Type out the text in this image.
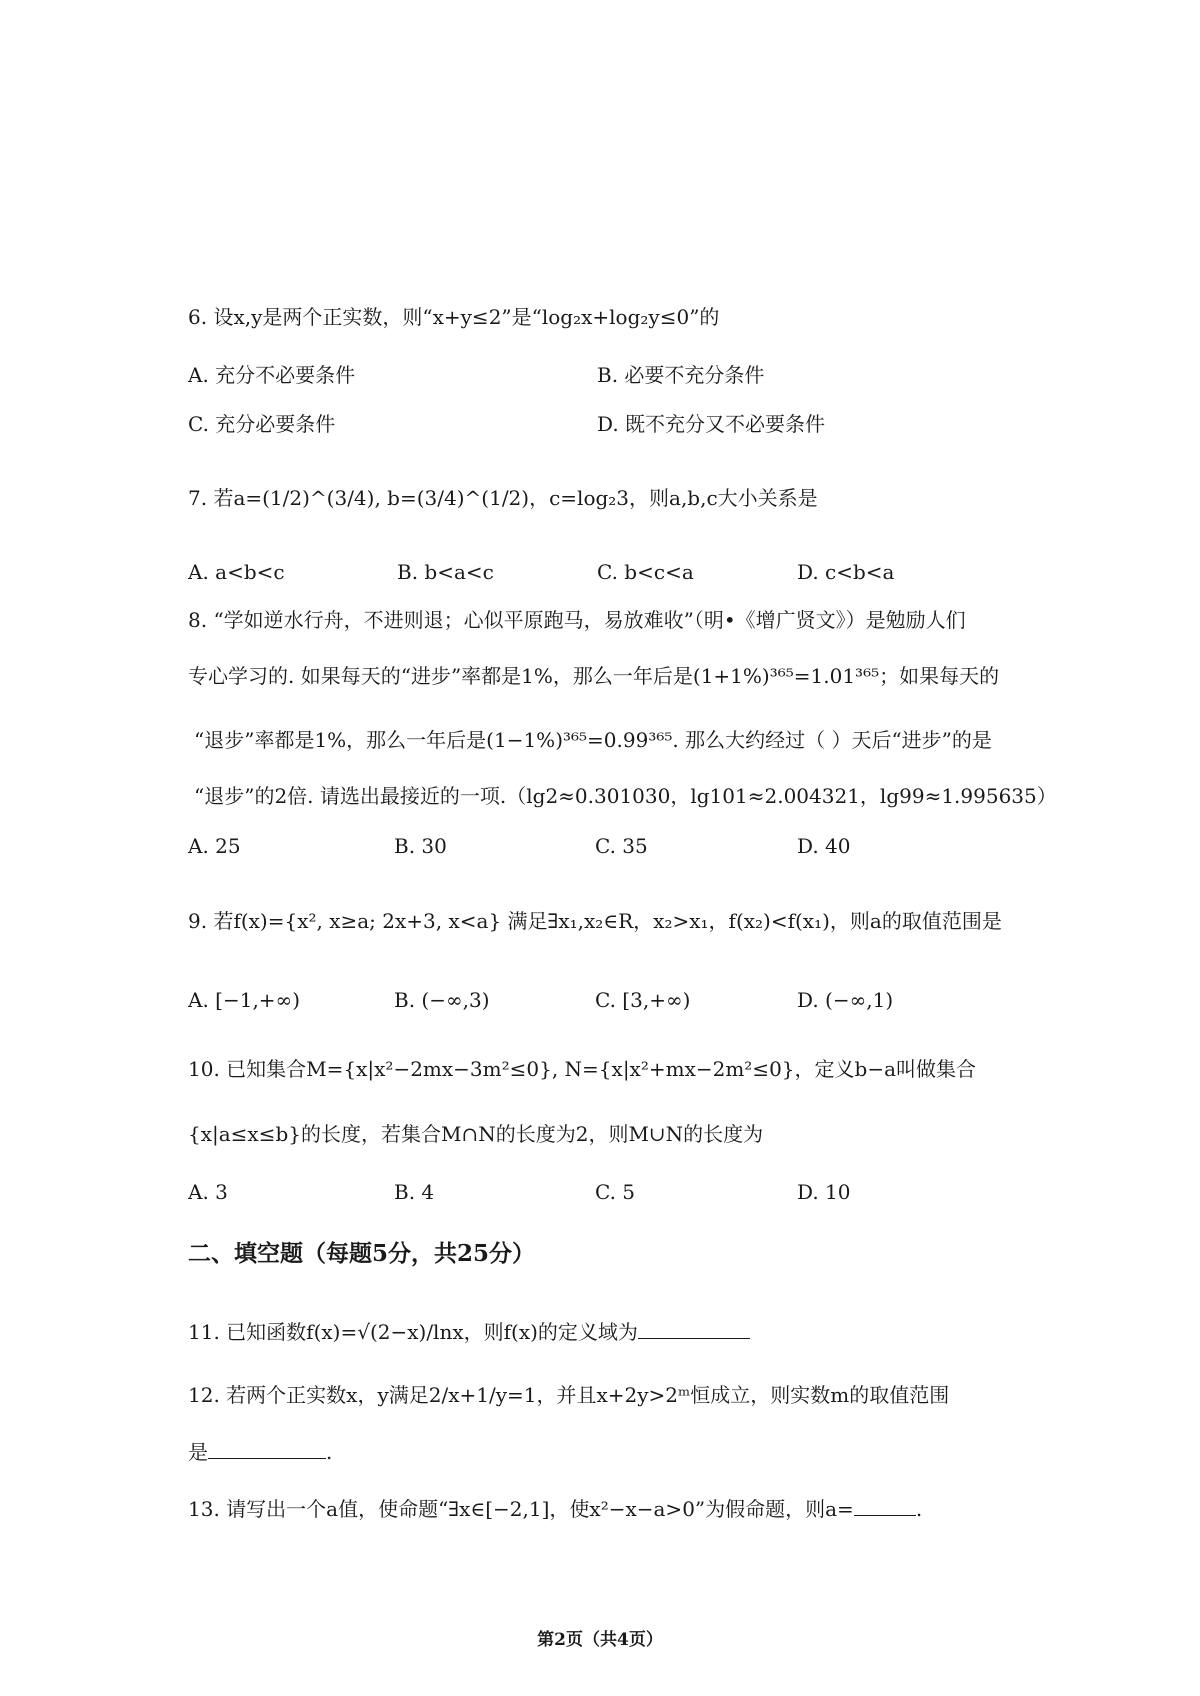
6. 设x,y是两个正实数，则“x+y≤2”是“log₂x+log₂y≤0”的
A. 充分不必要条件	B. 必要不充分条件
C. 充分必要条件	D. 既不充分又不必要条件
7. 若a=(1/2)^(3/4), b=(3/4)^(1/2)，c=log₂3，则a,b,c大小关系是
A. a<b<c	B. b<a<c	C. b<c<a	D. c<b<a
8. “学如逆水行舟，不进则退；心似平原跑马，易放难收”（明•《增广贤文》）是勉励人们
专心学习的. 如果每天的“进步”率都是1%，那么一年后是(1+1%)³⁶⁵=1.01³⁶⁵；如果每天的
“退步”率都是1%，那么一年后是(1−1%)³⁶⁵=0.99³⁶⁵. 那么大约经过（ ）天后“进步”的是
“退步”的2倍. 请选出最接近的一项.（lg2≈0.301030，lg101≈2.004321，lg99≈1.995635）
A. 25	B. 30	C. 35	D. 40
9. 若f(x)={x², x≥a; 2x+3, x<a} 满足∃x₁,x₂∈R，x₂>x₁，f(x₂)<f(x₁)，则a的取值范围是
A. [−1,+∞)	B. (−∞,3)	C. [3,+∞)	D. (−∞,1)
10. 已知集合M={x|x²−2mx−3m²≤0}, N={x|x²+mx−2m²≤0}，定义b−a叫做集合
{x|a≤x≤b}的长度，若集合M∩N的长度为2，则M∪N的长度为
A. 3	B. 4	C. 5	D. 10
二、填空题（每题5分，共25分）
11. 已知函数f(x)=√(2−x)/lnx，则f(x)的定义域为
12. 若两个正实数x，y满足2/x+1/y=1，并且x+2y>2ᵐ恒成立，则实数m的取值范围
是	.
13. 请写出一个a值，使命题“∃x∈[−2,1]，使x²−x−a>0”为假命题，则a=	.
第2页（共4页）
